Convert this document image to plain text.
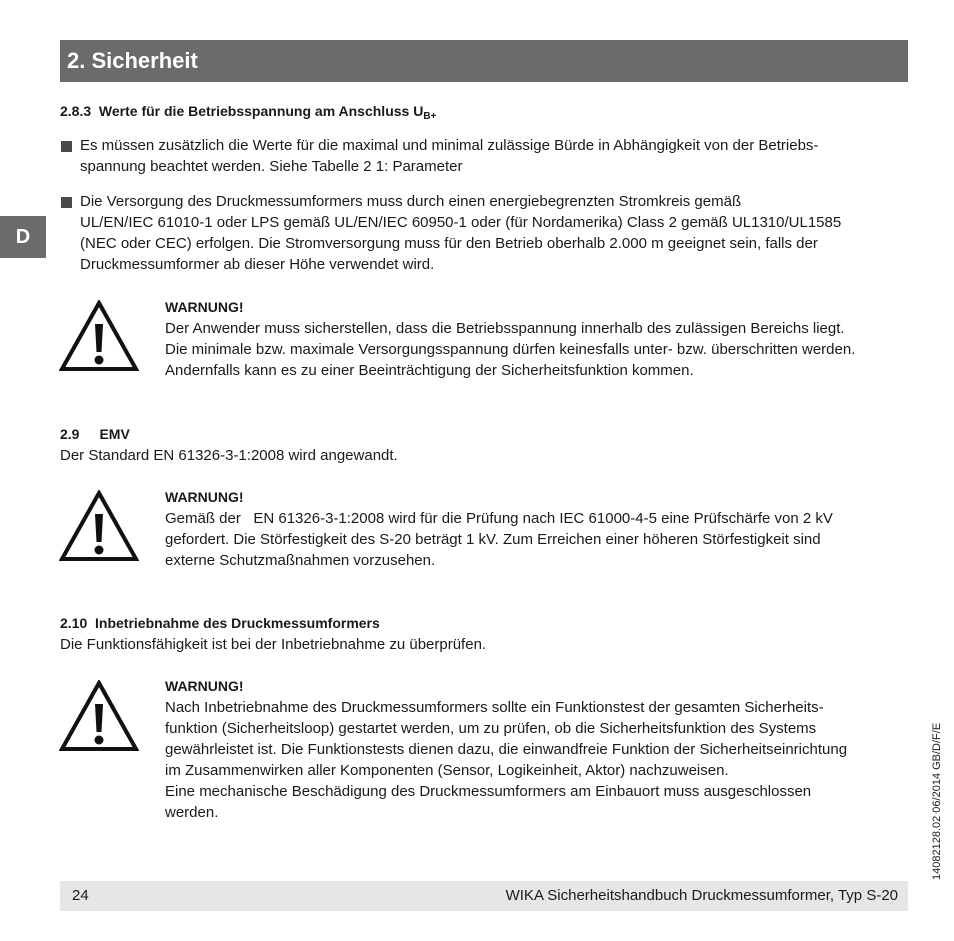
2. Sicherheit
D
2.8.3 Werte für die Betriebsspannung am Anschluss $U_{B+}$
Es müssen zusätzlich die Werte für die maximal und minimal zulässige Bürde in Abhängigkeit von der Betriebs-
spannung beachtet werden. Siehe Tabelle 2 1: Parameter
Die Versorgung des Druckmessumformers muss durch einen energiebegrenzten Stromkreis gemäß
UL/EN/IEC 61010-1 oder LPS gemäß UL/EN/IEC 60950-1 oder (für Nordamerika) Class 2 gemäß UL1310/UL1585
(NEC oder CEC) erfolgen. Die Stromversorgung muss für den Betrieb oberhalb 2.000 m geeignet sein, falls der
Druckmessumformer ab dieser Höhe verwendet wird.
WARNUNG!
Der Anwender muss sicherstellen, dass die Betriebsspannung innerhalb des zulässigen Bereichs liegt.
Die minimale bzw. maximale Versorgungsspannung dürfen keinesfalls unter- bzw. überschritten werden.
Andernfalls kann es zu einer Beeinträchtigung der Sicherheitsfunktion kommen.
2.9 EMV
Der Standard EN 61326-3-1:2008 wird angewandt.
WARNUNG!
Gemäß der   EN 61326-3-1:2008 wird für die Prüfung nach IEC 61000-4-5 eine Prüfschärfe von 2 kV
gefordert. Die Störfestigkeit des S-20 beträgt 1 kV. Zum Erreichen einer höheren Störfestigkeit sind
externe Schutzmaßnahmen vorzusehen.
2.10 Inbetriebnahme des Druckmessumformers
Die Funktionsfähigkeit ist bei der Inbetriebnahme zu überprüfen.
WARNUNG!
Nach Inbetriebnahme des Druckmessumformers sollte ein Funktionstest der gesamten Sicherheits-
funktion (Sicherheitsloop) gestartet werden, um zu prüfen, ob die Sicherheitsfunktion des Systems
gewährleistet ist. Die Funktionstests dienen dazu, die einwandfreie Funktion der Sicherheitseinrichtung
im Zusammenwirken aller Komponenten (Sensor, Logikeinheit, Aktor) nachzuweisen.
Eine mechanische Beschädigung des Druckmessumformers am Einbauort muss ausgeschlossen
werden.	14082128.02 06/2014 GB/D/F/E
24	WIKA Sicherheitshandbuch Druckmessumformer, Typ S-20
